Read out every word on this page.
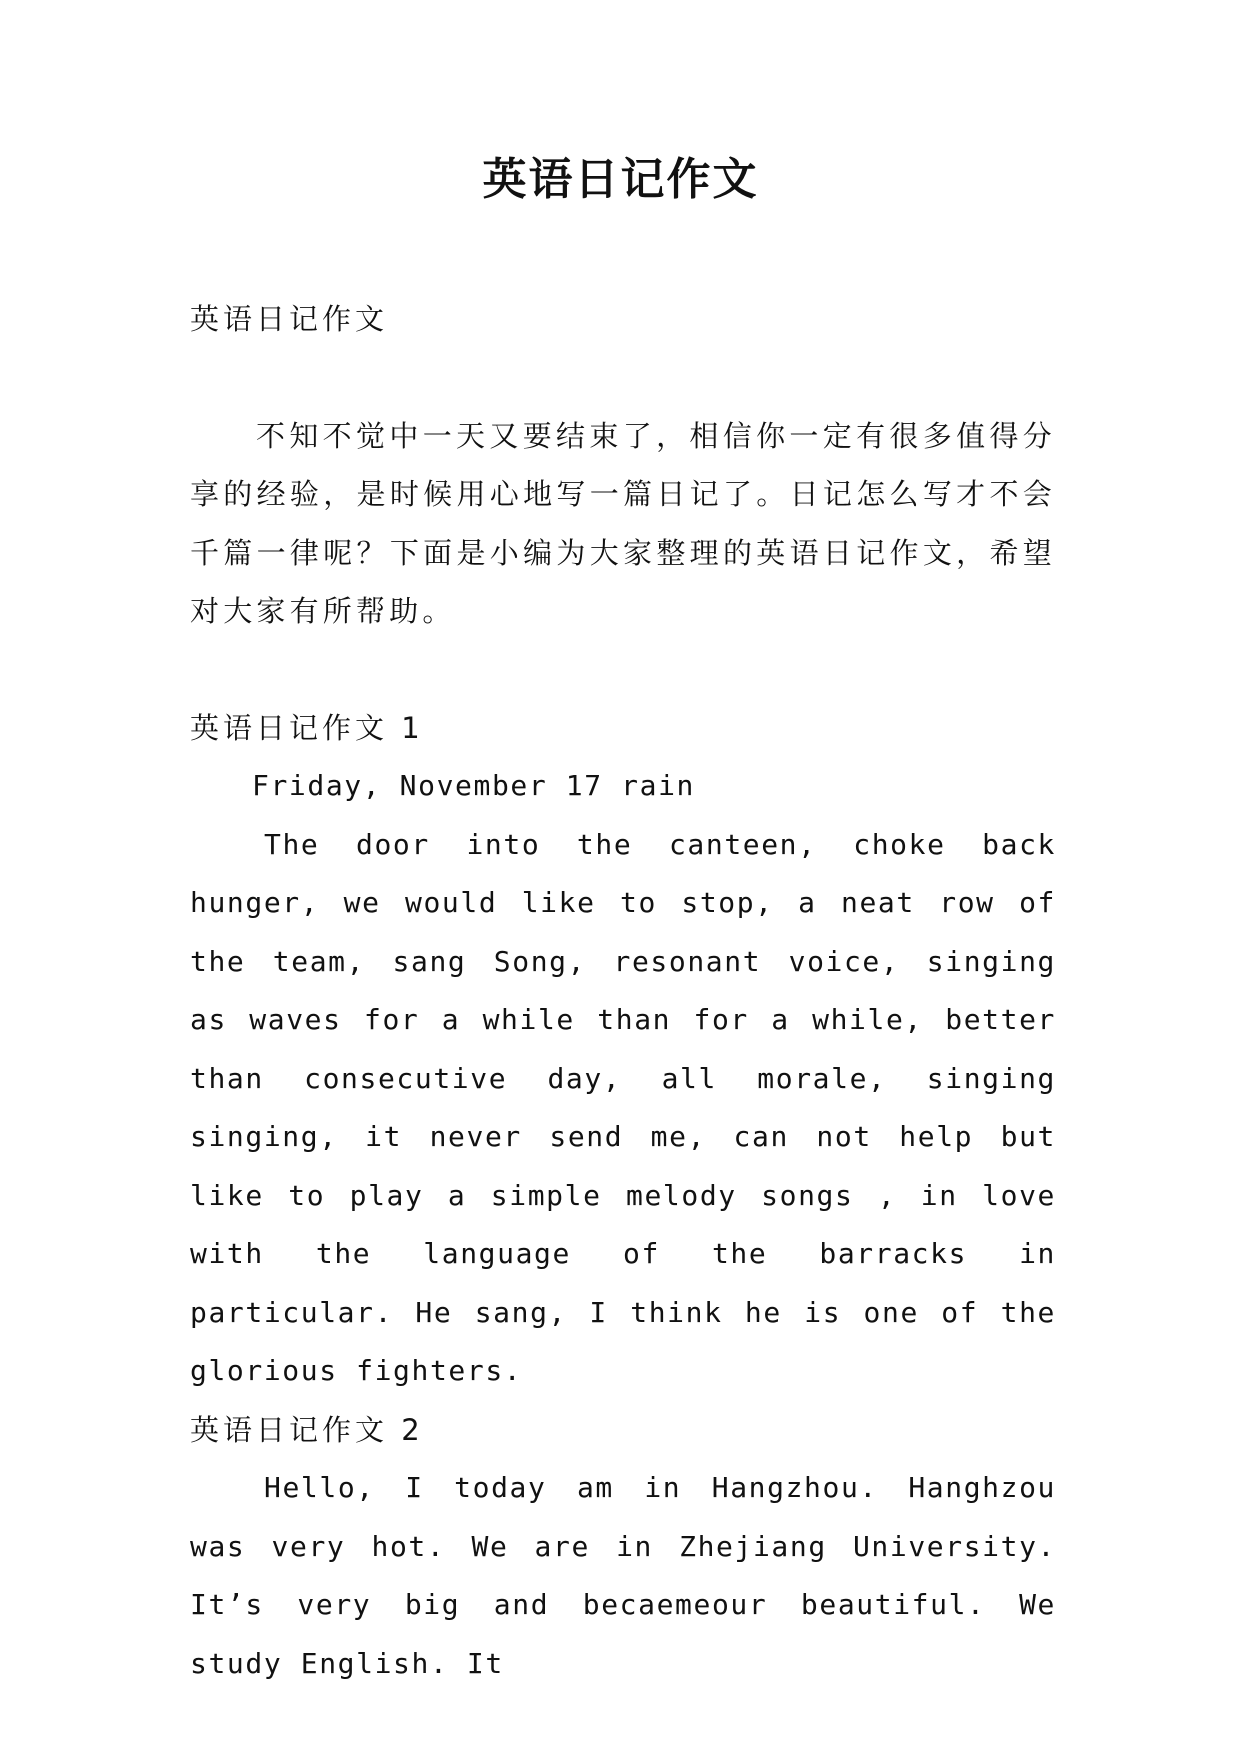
英语日记作文

英语日记作文

不知不觉中一天又要结束了，相信你一定有很多值得分享的经验，是时候用心地写一篇日记了。日记怎么写才不会千篇一律呢？下面是小编为大家整理的英语日记作文，希望对大家有所帮助。

英语日记作文 1

Friday, November 17 rain

The door into the canteen, choke back hunger, we would like to stop, a neat row of the team, sang Song, resonant voice, singing as waves for a while than for a while, better than consecutive day, all morale, singing singing, it never send me, can not help but like to play a simple melody songs , in love with the language of the barracks in particular. He sang, I think he is one of the glorious fighters.

英语日记作文 2

Hello, I today am in Hangzhou. Hanghzou was very hot. We are in Zhejiang University. It’s very big and becaemeour beautiful. We study English. It
